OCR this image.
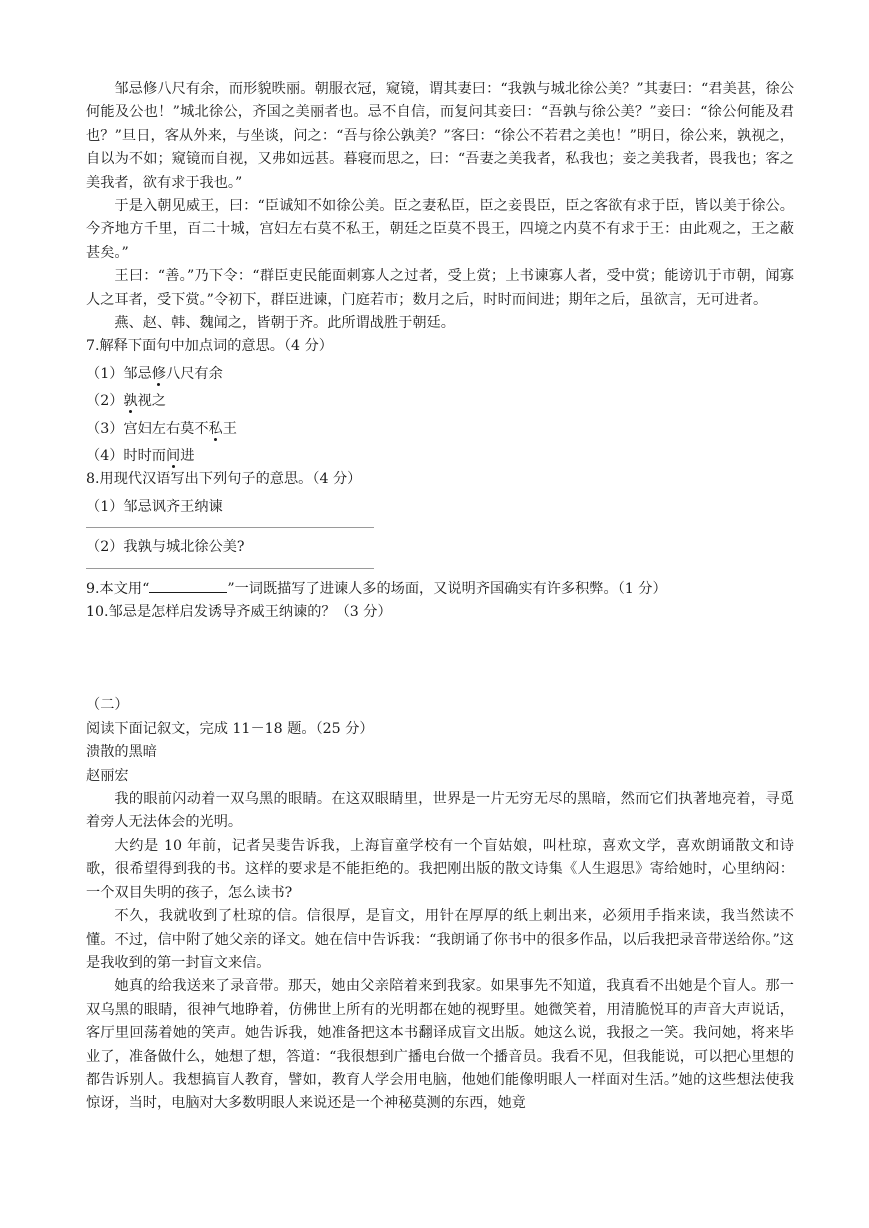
邹忌修八尺有余，而形貌昳丽。朝服衣冠，窥镜，谓其妻曰：“我孰与城北徐公美？”其妻曰：“君美甚，徐公何能及公也！”城北徐公，齐国之美丽者也。忌不自信，而复问其妾曰：“吾孰与徐公美？”妾曰：“徐公何能及君也？”旦日，客从外来，与坐谈，问之：“吾与徐公孰美？”客曰：“徐公不若君之美也！”明日，徐公来，孰视之，自以为不如；窥镜而自视，又弗如远甚。暮寝而思之，曰：“吾妻之美我者，私我也；妾之美我者，畏我也；客之美我者，欲有求于我也。”

于是入朝见威王，曰：“臣诚知不如徐公美。臣之妻私臣，臣之妾畏臣，臣之客欲有求于臣，皆以美于徐公。今齐地方千里，百二十城，宫妇左右莫不私王，朝廷之臣莫不畏王，四境之内莫不有求于王：由此观之，王之蔽甚矣。”

王曰：“善。”乃下令：“群臣吏民能面刺寡人之过者，受上赏；上书谏寡人者，受中赏；能谤讥于市朝，闻寡人之耳者，受下赏。”令初下，群臣进谏，门庭若市；数月之后，时时而间进；期年之后，虽欲言，无可进者。

燕、赵、韩、魏闻之，皆朝于齐。此所谓战胜于朝廷。

7.解释下面句中加点词的意思。（4 分）

（1）邹忌修八尺有余

（2）孰视之

（3）宫妇左右莫不私王

（4）时时而间进

8.用现代汉语写出下列句子的意思。（4 分）

（1）邹忌讽齐王纳谏

（2）我孰与城北徐公美?

9.本文用“	”一词既描写了进谏人多的场面，又说明齐国确实有许多积弊。（1 分）

10.邹忌是怎样启发诱导齐威王纳谏的？（3 分）

（二）

阅读下面记叙文，完成 11－18 题。（25 分）

溃散的黑暗

赵丽宏

我的眼前闪动着一双乌黑的眼睛。在这双眼睛里，世界是一片无穷无尽的黑暗，然而它们执著地亮着，寻觅着旁人无法体会的光明。

大约是 10 年前，记者吴斐告诉我，上海盲童学校有一个盲姑娘，叫杜琼，喜欢文学，喜欢朗诵散文和诗歌，很希望得到我的书。这样的要求是不能拒绝的。我把刚出版的散文诗集《人生遐思》寄给她时，心里纳闷：一个双目失明的孩子，怎么读书?

不久，我就收到了杜琼的信。信很厚，是盲文，用针在厚厚的纸上刺出来，必须用手指来读，我当然读不懂。不过，信中附了她父亲的译文。她在信中告诉我：“我朗诵了你书中的很多作品，以后我把录音带送给你。”这是我收到的第一封盲文来信。

她真的给我送来了录音带。那天，她由父亲陪着来到我家。如果事先不知道，我真看不出她是个盲人。那一双乌黑的眼睛，很神气地睁着，仿佛世上所有的光明都在她的视野里。她微笑着，用清脆悦耳的声音大声说话，客厅里回荡着她的笑声。她告诉我，她准备把这本书翻译成盲文出版。她这么说，我报之一笑。我问她，将来毕业了，准备做什么，她想了想，答道：“我很想到广播电台做一个播音员。我看不见，但我能说，可以把心里想的都告诉别人。我想搞盲人教育，譬如，教育人学会用电脑，他她们能像明眼人一样面对生活。”她的这些想法使我惊讶，当时，电脑对大多数明眼人来说还是一个神秘莫测的东西，她竟
